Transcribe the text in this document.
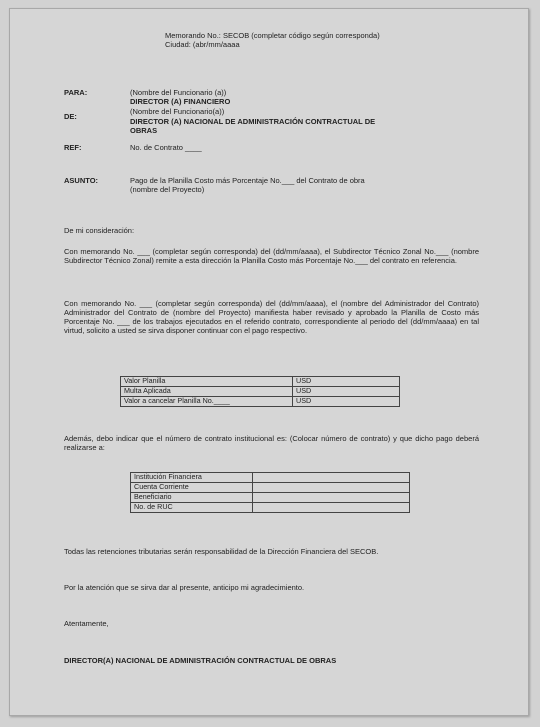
Memorando No.: SECOB (completar código según corresponda)
Ciudad: (abr/mm/aaaa
PARA:	(Nombre del Funcionario (a))
DIRECTOR (A) FINANCIERO
DE:
(Nombre del Funcionario(a))
DIRECTOR (A) NACIONAL DE ADMINISTRACIÓN CONTRACTUAL DE
OBRAS
REF:	No. de Contrato ____
ASUNTO:	Pago de la Planilla Costo más Porcentaje No.___ del Contrato de obra
(nombre del Proyecto)
De mi consideración:
Con memorando No. ___ (completar según corresponda) del (dd/mm/aaaa), el Subdirector Técnico Zonal No.___ (nombre Subdirector Técnico Zonal) remite a esta dirección la Planilla Costo más Porcentaje No.___ del contrato en referencia.
Con memorando No. ___ (completar según corresponda) del (dd/mm/aaaa), el (nombre del Administrador del Contrato) Administrador del Contrato de (nombre del Proyecto) manifiesta haber revisado y aprobado la Planilla de Costo más Porcentaje No. ___ de los trabajos ejecutados en el referido contrato, correspondiente al periodo del (dd/mm/aaaa) en tal virtud, solicito a usted se sirva disponer continuar con el pago respectivo.
Valor Planilla	USD
Multa Aplicada	USD
Valor a cancelar Planilla No.____	USD
Además, debo indicar que el número de contrato institucional es: (Colocar número de contrato) y que dicho pago deberá realizarse a:
Institución Financiera	
Cuenta Corriente	
Beneficiario	
No. de RUC	
Todas las retenciones tributarias serán responsabilidad de la Dirección Financiera del SECOB.
Por la atención que se sirva dar al presente, anticipo mi agradecimiento.
Atentamente,
DIRECTOR(A) NACIONAL DE ADMINISTRACIÓN CONTRACTUAL DE OBRAS
